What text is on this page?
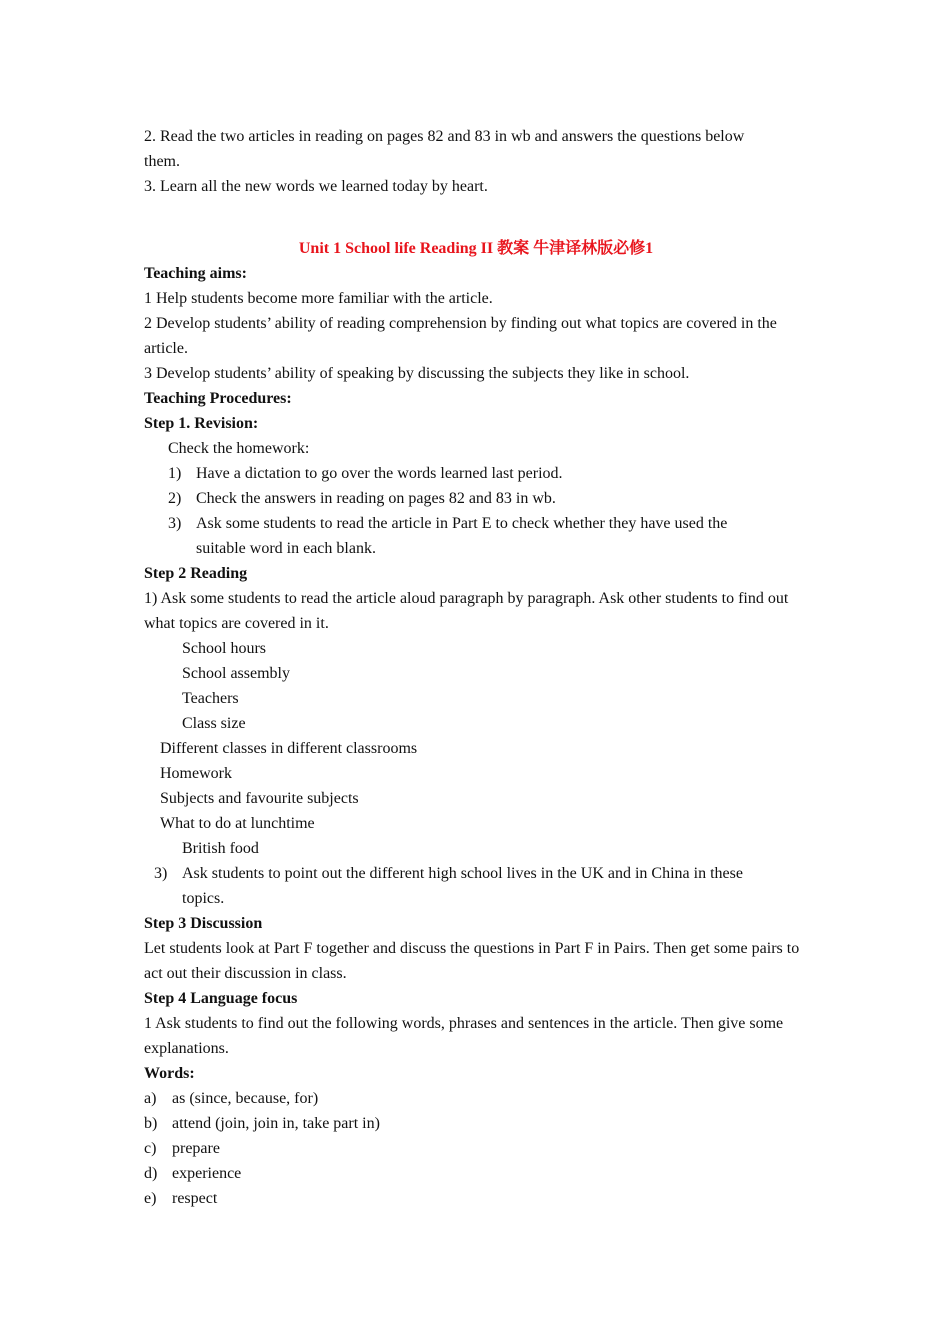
2. Read the two articles in reading on pages 82 and 83 in wb and answers the questions below them.
3. Learn all the new words we learned today by heart.
Unit 1 School life Reading II 教案 牛津译林版必修1
Teaching aims:
1 Help students become more familiar with the article.
2 Develop students’ ability of reading comprehension by finding out what topics are covered in the article.
3 Develop students’ ability of speaking by discussing the subjects they like in school.
Teaching Procedures:
Step 1. Revision:
Check the homework:
1) Have a dictation to go over the words learned last period.
2) Check the answers in reading on pages 82 and 83 in wb.
3) Ask some students to read the article in Part E to check whether they have used the suitable word in each blank.
Step 2 Reading
1) Ask some students to read the article aloud paragraph by paragraph. Ask other students to find out what topics are covered in it.
School hours
School assembly
Teachers
Class size
Different classes in different classrooms
Homework
Subjects and favourite subjects
What to do at lunchtime
British food
3) Ask students to point out the different high school lives in the UK and in China in these topics.
Step 3 Discussion
Let students look at Part F together and discuss the questions in Part F in Pairs. Then get some pairs to act out their discussion in class.
Step 4 Language focus
1 Ask students to find out the following words, phrases and sentences in the article. Then give some explanations.
Words:
a) as (since, because, for)
b) attend (join, join in, take part in)
c) prepare
d) experience
e) respect
